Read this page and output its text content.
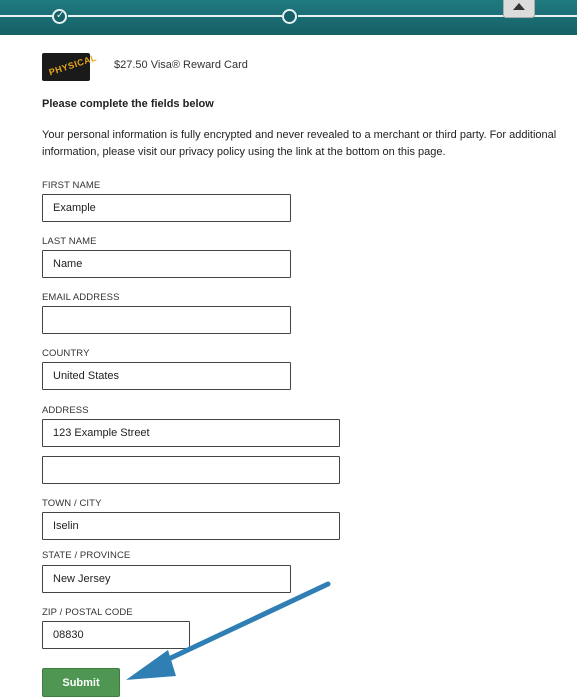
✓
PHYSICAL $27.50 Visa® Reward Card
Please complete the fields below
Your personal information is fully encrypted and never revealed to a merchant or third party. For additional information, please visit our privacy policy using the link at the bottom on this page.
FIRST NAME
Example
LAST NAME
Name
EMAIL ADDRESS
COUNTRY
United States
ADDRESS
123 Example Street
TOWN / CITY
Iselin
STATE / PROVINCE
New Jersey
ZIP / POSTAL CODE
08830
Submit
